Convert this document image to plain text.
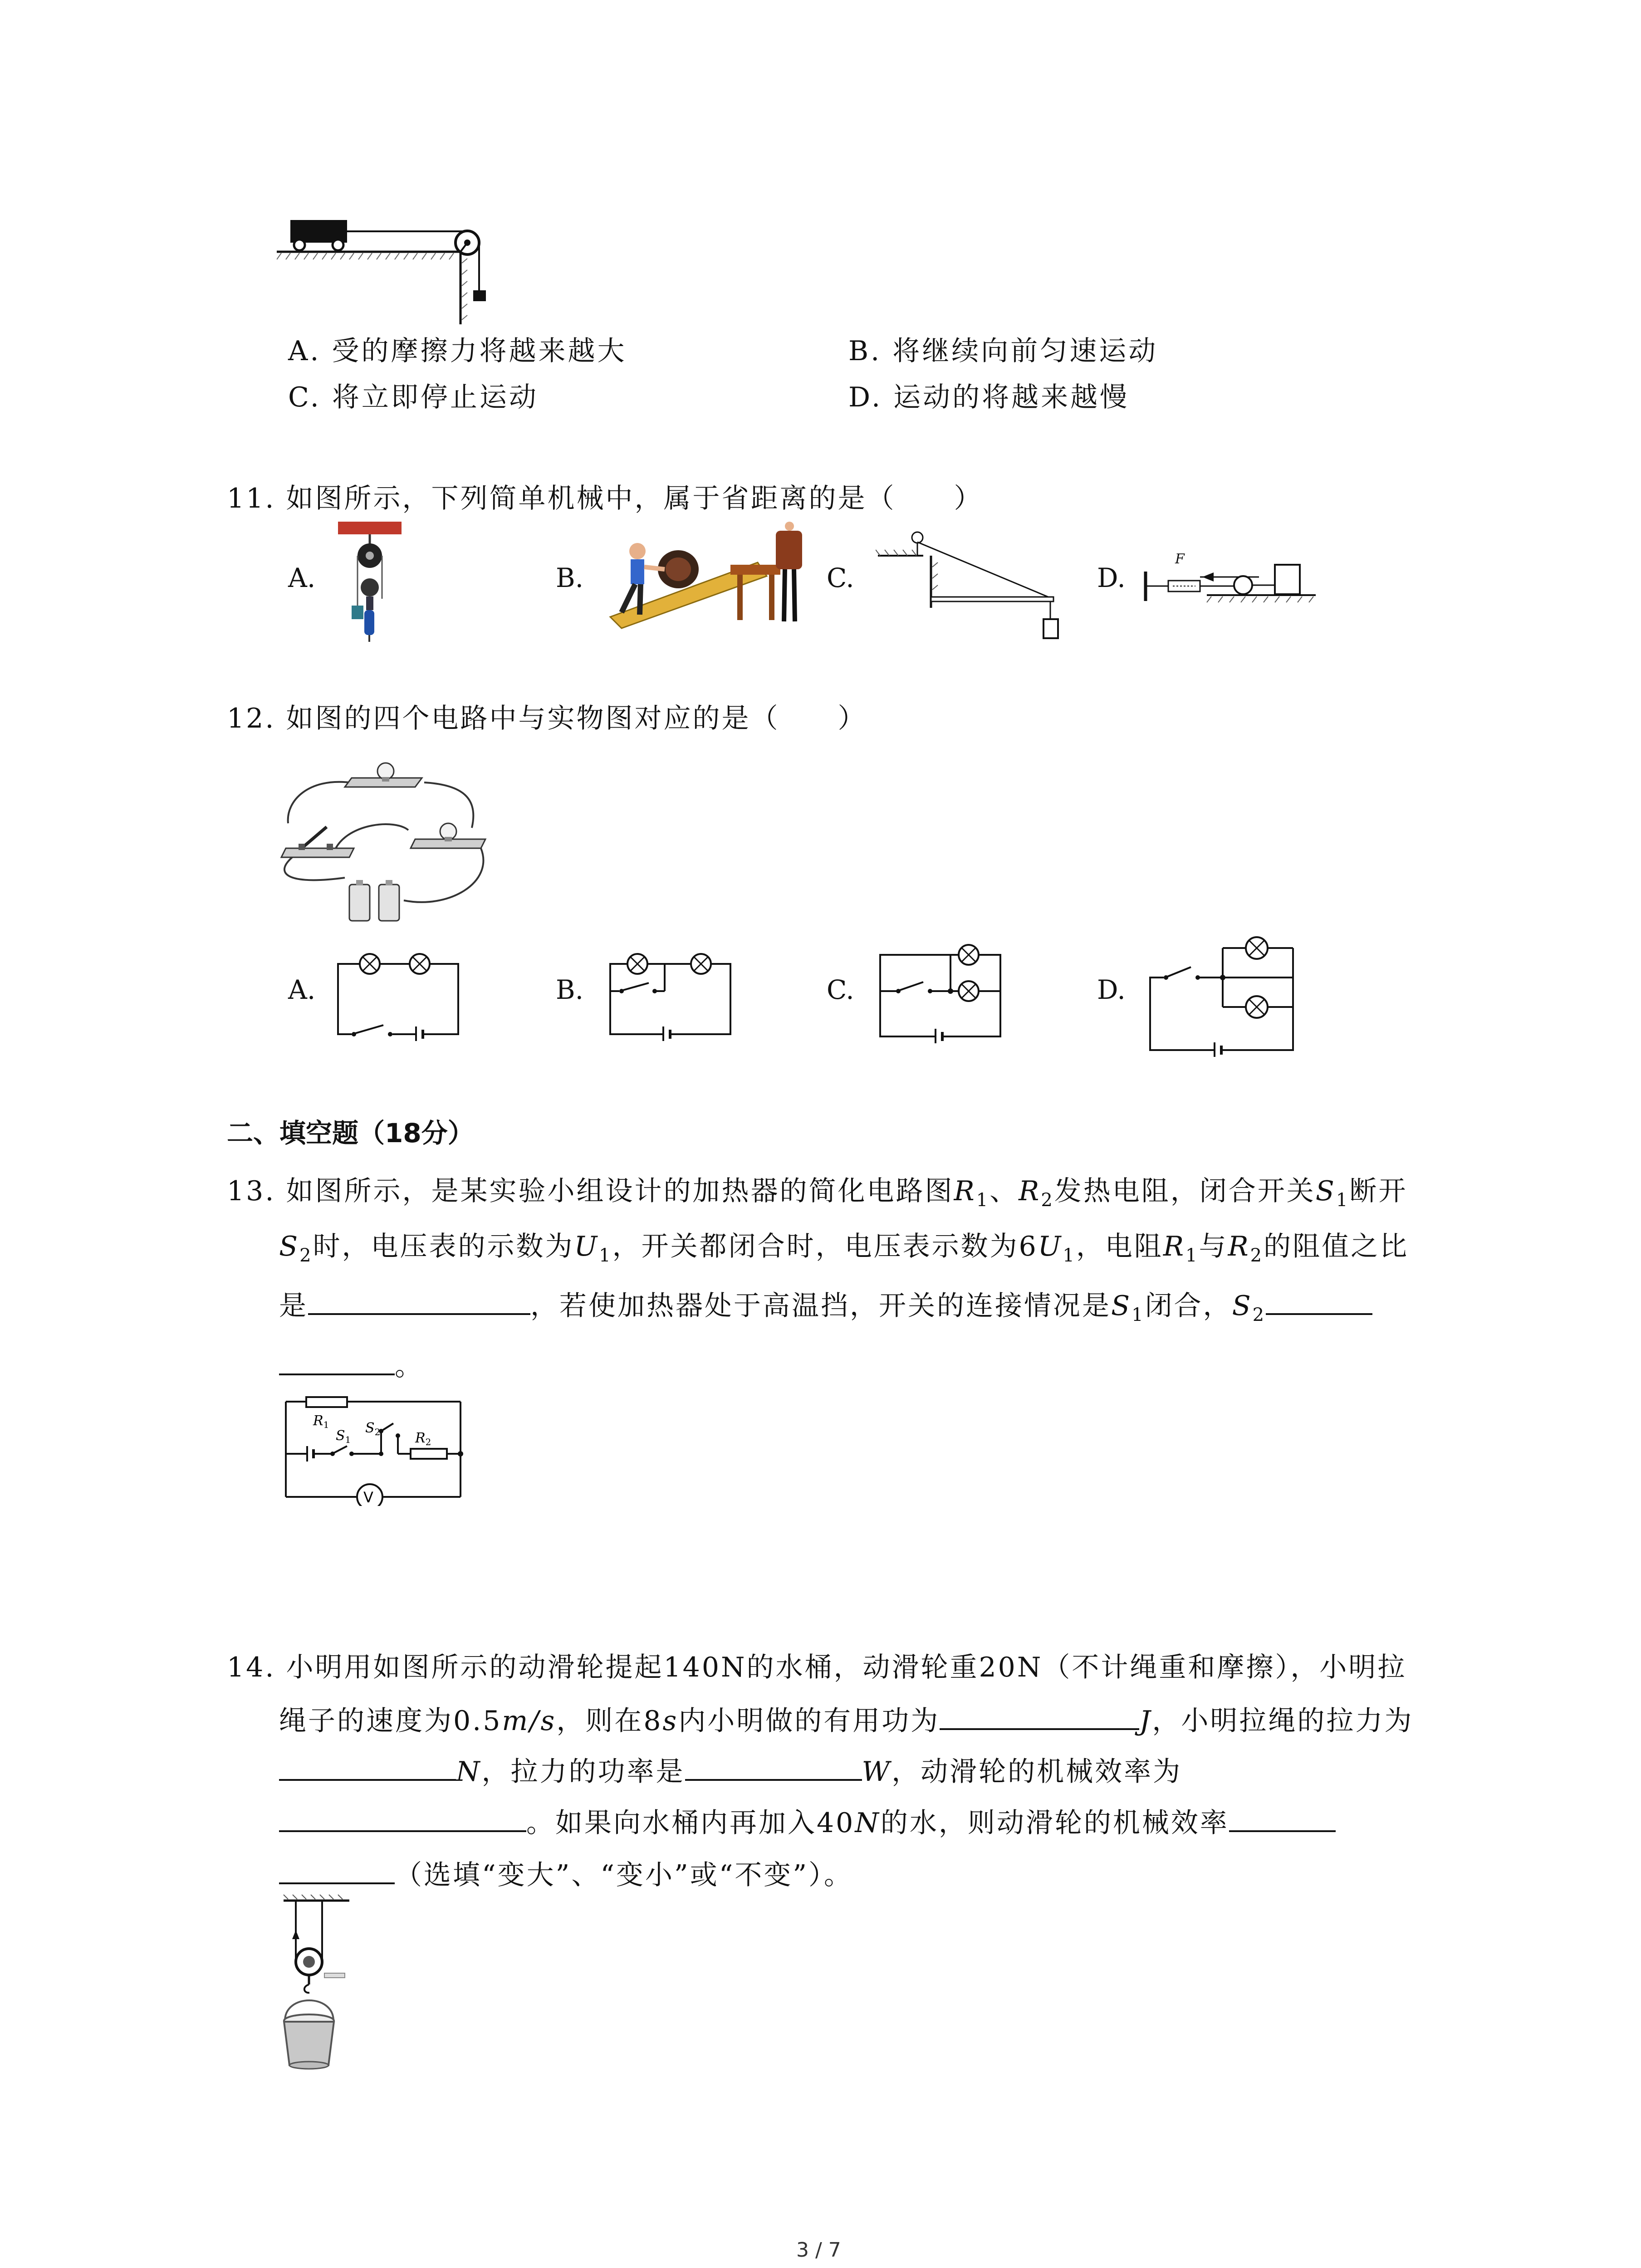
A. 受的摩擦力将越来越大	B. 将继续向前匀速运动
C. 将立即停止运动	D. 运动的将越来越慢
11. 如图所示，下列简单机械中，属于省距离的是（　　）
A.	B.	C.	D.
F
12. 如图的四个电路中与实物图对应的是（　　）
A.	B.	C.	D.
二、填空题（18分）
13. 如图所示，是某实验小组设计的加热器的简化电路图$R_1$、$R_2$发热电阻，闭合开关$S_1$断开
$S_2$时，电压表的示数为$U_1$，开关都闭合时，电压表示数为$6U_1$，电阻$R_1$与$R_2$的阻值之比
是	，若使加热器处于高温挡，开关的连接情况是$S_1$闭合，$S_2$
。
$R_1$
$S_1$
$S_2$	$R_2$
V
14. 小明用如图所示的动滑轮提起140N的水桶，动滑轮重20N（不计绳重和摩擦），小明拉
绳子的速度为0.5m/s，则在8s内小明做的有用功为	J，小明拉绳的拉力为
N，拉力的功率是	W，动滑轮的机械效率为
。如果向水桶内再加入40N的水，则动滑轮的机械效率
（选填“变大”、“变小”或“不变”）。
3 / 7
